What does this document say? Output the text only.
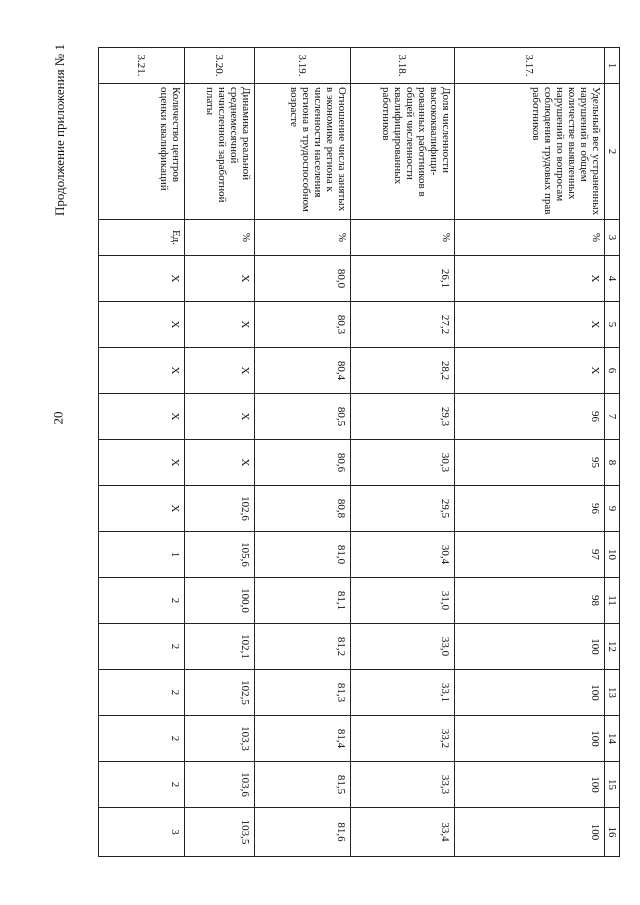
Продолжение приложения № 1
20
1	2	3	4	5	6	7	8	9	10	11	12	13	14	15	16
3.17.	Удельный вес устраненных нарушений в общем количестве выявленных нарушений по вопросам соблюдения трудовых прав работников	%	X	X	X	96	95	96	97	98	100	100	100	100	100
3.18.	Доля численности высококвалифици-рованных работников в общей численности квалифицированных работников	%	26,1	27,2	28,2	29,3	30,3	29,5	30,4	31,0	33,0	33,1	33,2	33,3	33,4
3.19.	Отношение числа занятых в экономике региона к численности населения региона в трудоспособном возрасте	%	80,0	80,3	80,4	80,5	80,6	80,8	81,0	81,1	81,2	81,3	81,4	81,5	81,6
3.20.	Динамика реальной среднемесячной начисленной заработной платы	%	X	X	X	X	X	102,6	105,6	100,0	102,1	102,5	103,3	103,6	103,5
3.21.	Количество центров оценки квалификаций	Ед.	X	X	X	X	X	X	1	2	2	2	2	2	3
